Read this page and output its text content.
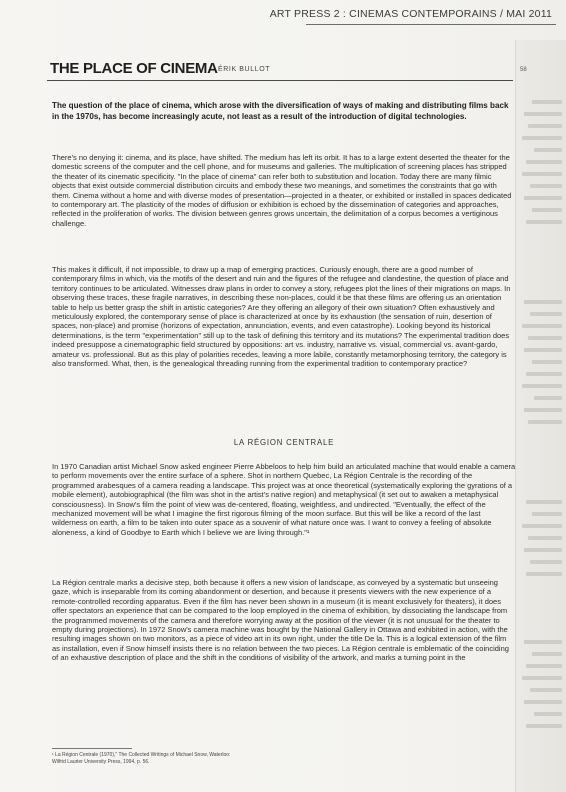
ART PRESS 2 : CINEMAS CONTEMPORAINS / MAI 2011
THE PLACE OF CINEMA ÉRIK BULLOT	58
The question of the place of cinema, which arose with the diversification of ways of making and distributing films back in the 1970s, has become increasingly acute, not least as a result of the introduction of digital technologies.

There's no denying it: cinema, and its place, have shifted. The medium has left its orbit. It has to a large extent deserted the theater for the domestic screens of the computer and the cell phone, and for museums and galleries. The multiplication of screening places has stripped the theater of its cinematic specificity. "In the place of cinema" can refer both to substitution and location. Today there are many filmic objects that exist outside commercial distribution circuits and embody these two meanings, and sometimes the constraints that go with them. Cinema without a home and with diverse modes of presentation—projected in a theater, or exhibited or installed in spaces dedicated to contemporary art. The plasticity of the modes of diffusion or exhibition is echoed by the dissemination of categories and approaches, reflected in the proliferation of works. The division between genres grows uncertain, the delimitation of a corpus becomes a vertiginous challenge.

This makes it difficult, if not impossible, to draw up a map of emerging practices. Curiously enough, there are a good number of contemporary films in which, via the motifs of the desert and ruin and the figures of the refugee and clandestine, the question of place and territory continues to be articulated. Witnesses draw plans in order to convey a story, refugees plot the lines of their migrations on maps. In observing these traces, these fragile narratives, in describing these non-places, could it be that these films are offering us an orientation table to help us better grasp the shift in artistic categories? Are they offering an allegory of their own situation? Often exhaustively and meticulously explored, the contemporary sense of place is characterized at once by its exhaustion (the sensation of ruin, desertion of spaces, non-place) and promise (horizons of expectation, annunciation, events, and even catastrophe). Looking beyond its historical determinations, is the term "experimentation" still up to the task of defining this territory and its mutations? The experimental tradition does indeed presuppose a cinematographic field structured by oppositions: art vs. industry, narrative vs. visual, commercial vs. avant-gardo, amateur vs. professional. But as this play of polarities recedes, leaving a more labile, constantly metamorphosing territory, the category is also transformed. What, then, is the genealogical threading running from the experimental tradition to contemporary practice?

LA RÉGION CENTRALE

In 1970 Canadian artist Michael Snow asked engineer Pierre Abbeloos to help him build an articulated machine that would enable a camera to perform movements over the entire surface of a sphere. Shot in northern Quebec, La Région Centrale is the recording of the programmed arabesques of a camera reading a landscape. This project was at once theoretical (systematically exploring the gyrations of a mobile element), autobiographical (the film was shot in the artist's native region) and metaphysical (it set out to awaken a metaphysical consciousness). In Snow's film the point of view was de-centered, floating, weightless, and undirected. "Eventually, the effect of the mechanized movement will be what I imagine the first rigorous filming of the moon surface. But this will be like a record of the last wilderness on earth, a film to be taken into outer space as a souvenir of what nature once was. I want to convey a feeling of absolute aloneness, a kind of Goodbye to Earth which I believe we are living through."¹

La Région centrale marks a decisive step, both because it offers a new vision of landscape, as conveyed by a systematic but unseeing gaze, which is inseparable from its coming abandonment or desertion, and because it presents viewers with the new experience of a remote-controlled recording apparatus. Even if the film has never been shown in a museum (it is meant exclusively for theaters), it does offer spectators an experience that can be compared to the loop employed in the cinema of exhibition, by dissociating the landscape from the programmed movements of the camera and therefore worrying away at the position of the viewer (it is not unusual for the theater to empty during projections). In 1972 Snow's camera machine was bought by the National Gallery in Ottawa and exhibited in action, with the resulting images shown on two monitors, as a piece of video art in its own right, under the title De la. This is a logical extension of the film as installation, even if Snow himself insists there is no relation between the two pieces. La Région centrale is emblematic of the coinciding of an exhaustive description of place and the shift in the conditions of visibility of the artwork, and marks a turning point in the

¹ La Région Centrale (1970)," The Collected Writings of Michael Snow, Waterloo:
Wilfrid Laurier University Press, 1994, p. 56.
